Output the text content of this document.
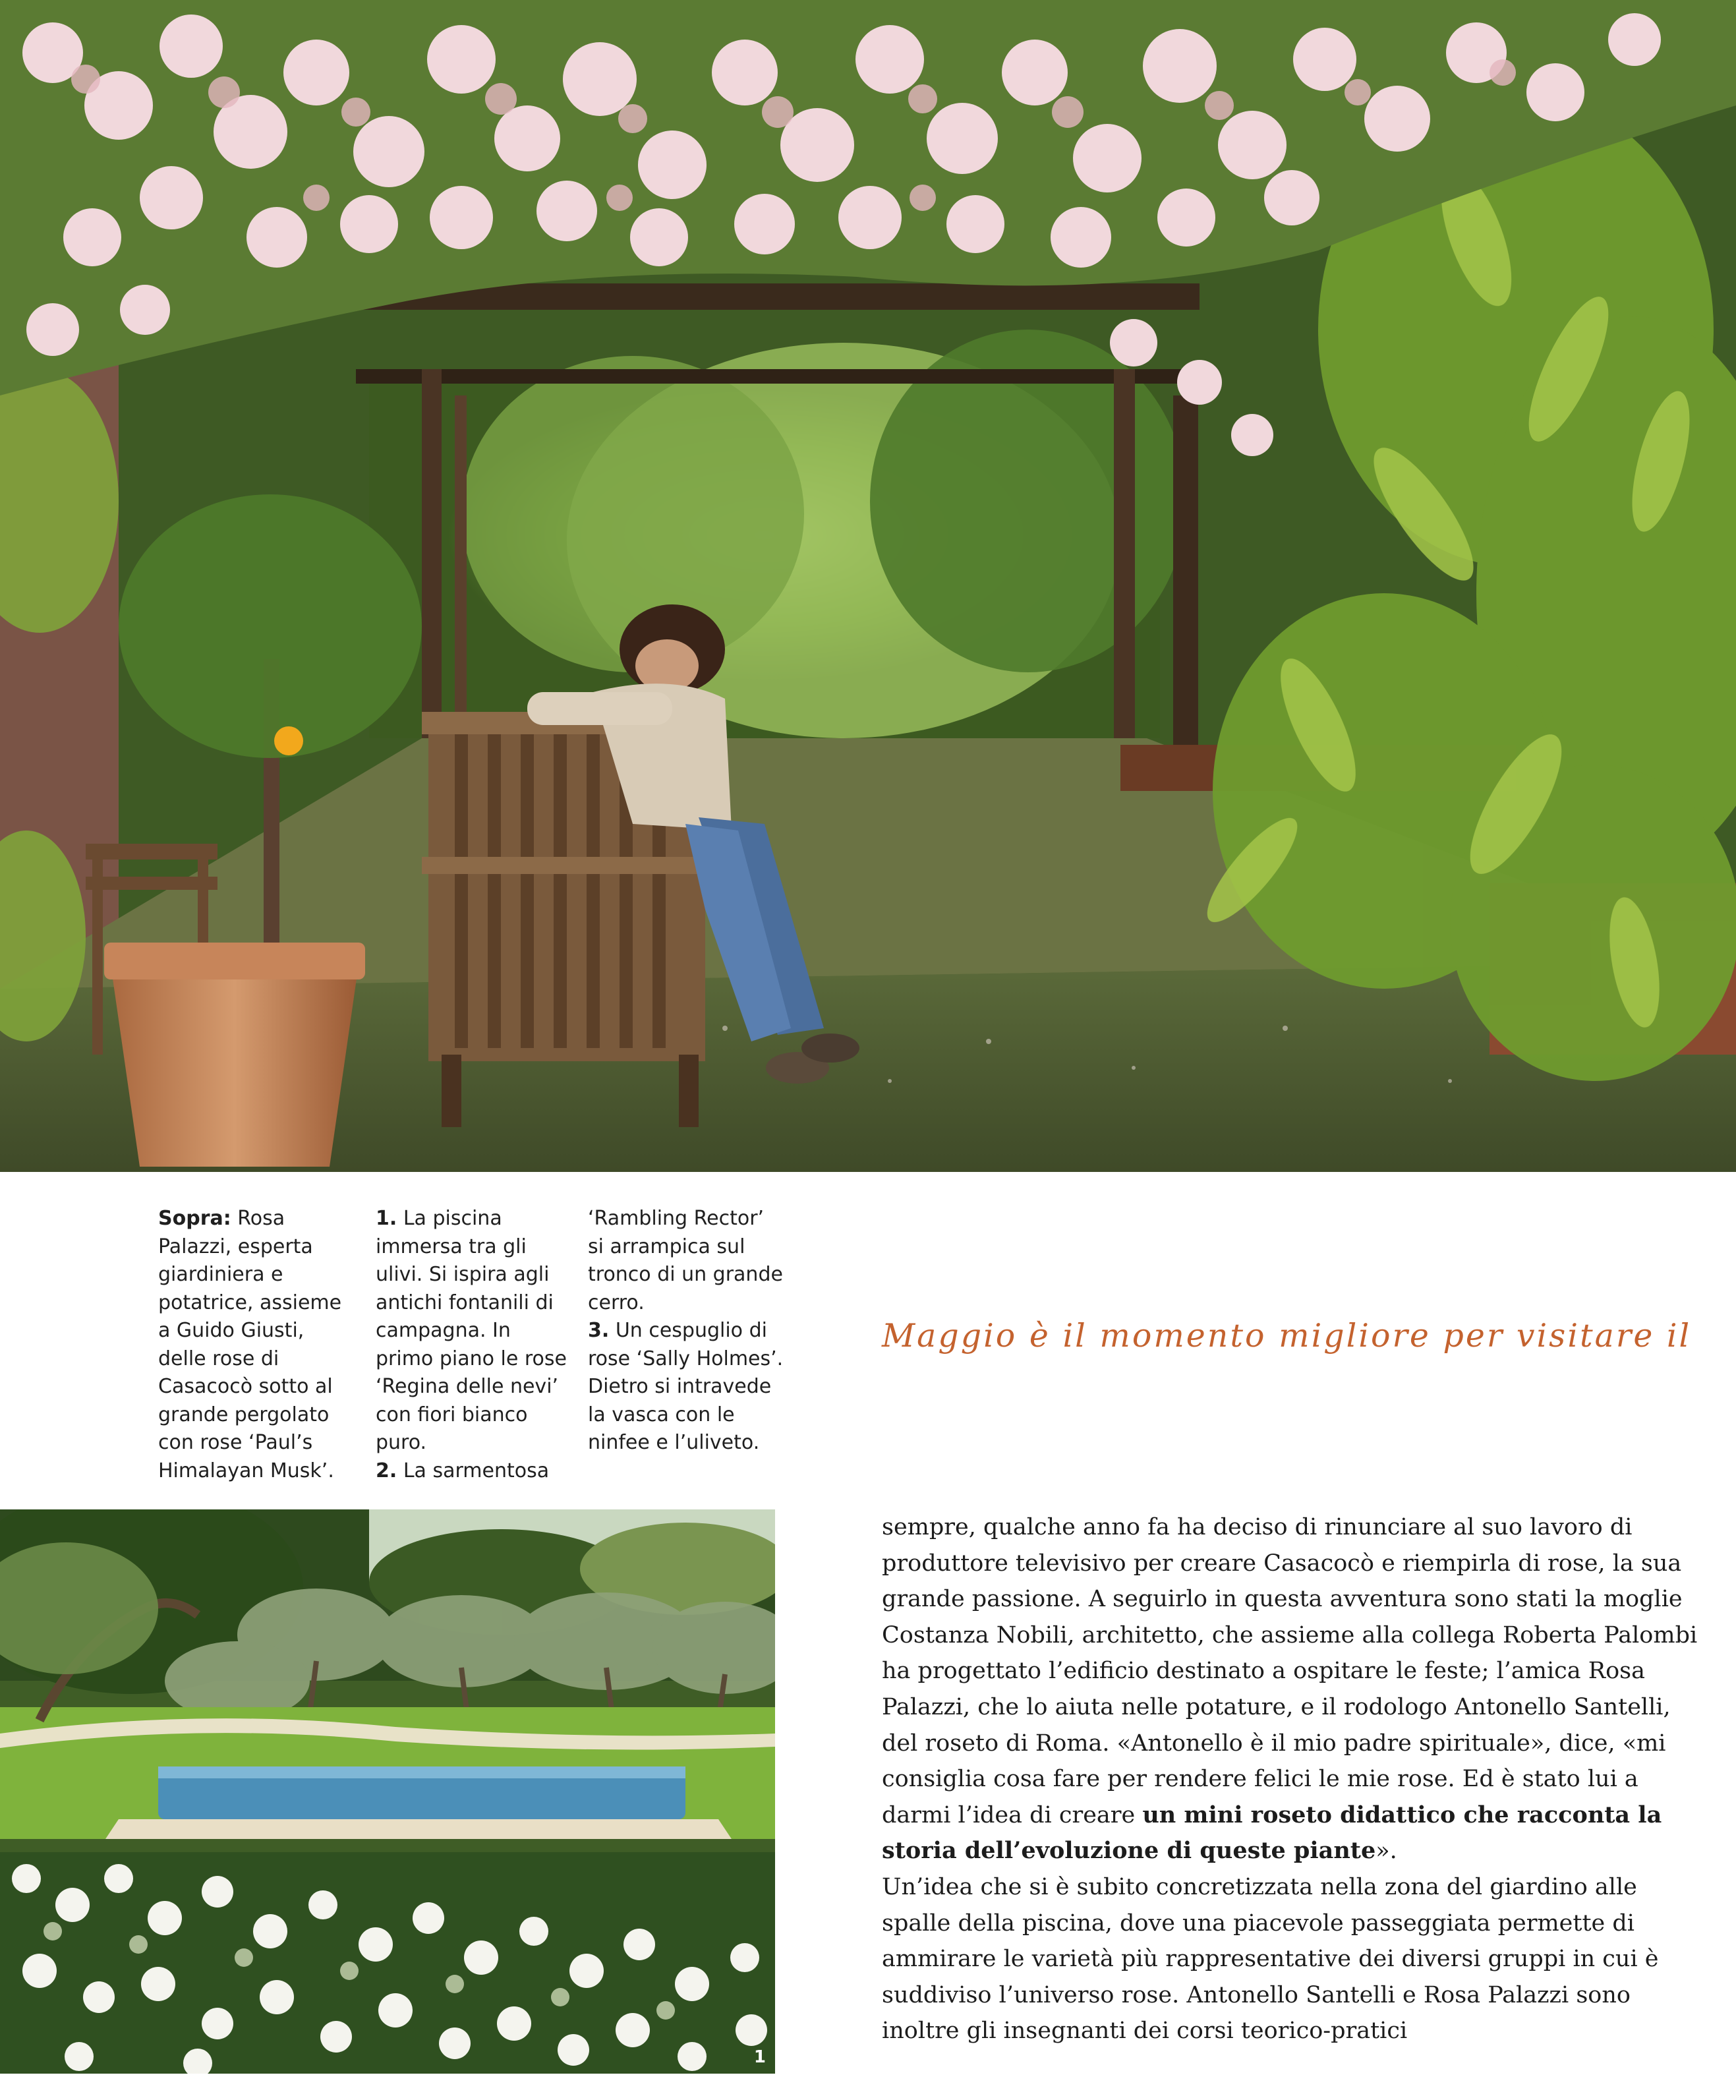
Sopra: Rosa Palazzi, esperta giardiniera e potatrice, assieme a Guido Giusti, delle rose di Casacocò sotto al grande pergolato con rose ‘Paul’s Himalayan Musk’.

1. La piscina immersa tra gli ulivi. Si ispira agli antichi fontanili di campagna. In primo piano le rose ‘Regina delle nevi’ con fiori bianco puro.

2. La sarmentosa

‘Rambling Rector’ si arrampica sul tronco di un grande cerro.

3. Un cespuglio di rose ‘Sally Holmes’. Dietro si intravede la vasca con le ninfee e l’uliveto.

Maggio è il momento migliore per visitare il
1

sempre, qualche anno fa ha deciso di rinunciare al suo lavoro di produttore televisivo per creare Casacocò e riempirla di rose, la sua grande passione. A seguirlo in questa avventura sono stati la moglie Costanza Nobili, architetto, che assieme alla collega Roberta Palombi ha progettato l’edificio destinato a ospitare le feste; l’amica Rosa Palazzi, che lo aiuta nelle potature, e il rodologo Antonello Santelli, del roseto di Roma. «Antonello è il mio padre spirituale», dice, «mi consiglia cosa fare per rendere felici le mie rose. Ed è stato lui a darmi l’idea di creare un mini roseto didattico che racconta la storia dell’evoluzione di queste piante».

Un’idea che si è subito concretizzata nella zona del giardino alle spalle della piscina, dove una piacevole passeggiata permette di ammirare le varietà più rappresentative dei diversi gruppi in cui è suddiviso l’universo rose. Antonello Santelli e Rosa Palazzi sono inoltre gli insegnanti dei corsi teorico-pratici
